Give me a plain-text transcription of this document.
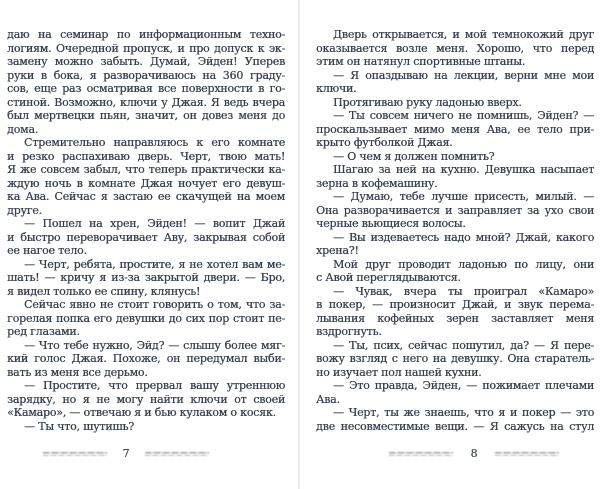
даю на семинар по информационным техно-
логиям. Очередной пропуск, и про допуск к эк-
замену можно забыть. Думай, Эйден! Уперев
руки в бока, я разворачиваюсь на 360 граду-
сов, еще раз осматривая все поверхности в го-
стиной. Возможно, ключи у Джая. Я ведь вчера
был мертвецки пьян, значит, он довез меня до
дома.
Стремительно направляюсь к его комнате
и резко распахиваю дверь. Черт, твою мать!
Я же совсем забыл, что теперь практически ка-
ждую ночь в комнате Джая ночует его девуш-
ка Ава. Сейчас я застаю ее скачущей на моем
друге.
— Пошел на хрен, Эйден! — вопит Джай
и быстро переворачивает Аву, закрывая собой
ее нагое тело.
— Черт, ребята, простите, я не хотел вам ме-
шать! — кричу я из-за закрытой двери. — Бро,
я видел только ее спину, клянусь!
Сейчас явно не стоит говорить о том, что за-
горелая попка его девушки до сих пор стоит пе-
ред глазами.
— Что тебе нужно, Эйд? — слышу более мяг-
кий голос Джая. Похоже, он передумал выби-
вать из меня все дерьмо.
— Простите, что прервал вашу утреннюю
зарядку, но я не могу найти ключи от своей
«Камаро», — отвечаю я и бью кулаком о косяк.
— Ты что, шутишь?
7
Дверь открывается, и мой темнокожий друг
оказывается возле меня. Хорошо, что перед
этим он натянул спортивные штаны.
— Я опаздываю на лекции, верни мне мои
ключи.
Протягиваю руку ладонью вверх.
— Ты совсем ничего не помнишь, Эйден? —
проскальзывает мимо меня Ава, ее тело при-
крыто футболкой Джая.
— О чем я должен помнить?
Шагаю за ней на кухню. Девушка насыпает
зерна в кофемашину.
— Думаю, тебе лучше присесть, милый. —
Она разворачивается и заправляет за ухо свои
черные вьющиеся волосы.
— Вы издеваетесь надо мной? Джай, какого
хрена?!
Мой друг проводит ладонью по лицу, они
с Авой переглядываются.
— Чувак, вчера ты проиграл «Камаро»
в покер, — произносит Джай, и звук перема-
лывания кофейных зерен заставляет меня
вздрогнуть.
— Ты, псих, сейчас пошутил, да? — Я пере-
вожу взгляд с него на девушку. Она старатель-
но изучает пол нашей кухни.
— Это правда, Эйден, — пожимает плечами
Ава.
— Черт, ты же знаешь, что я и покер — это
две несовместимые вещи. — Я сажусь на стул
8
